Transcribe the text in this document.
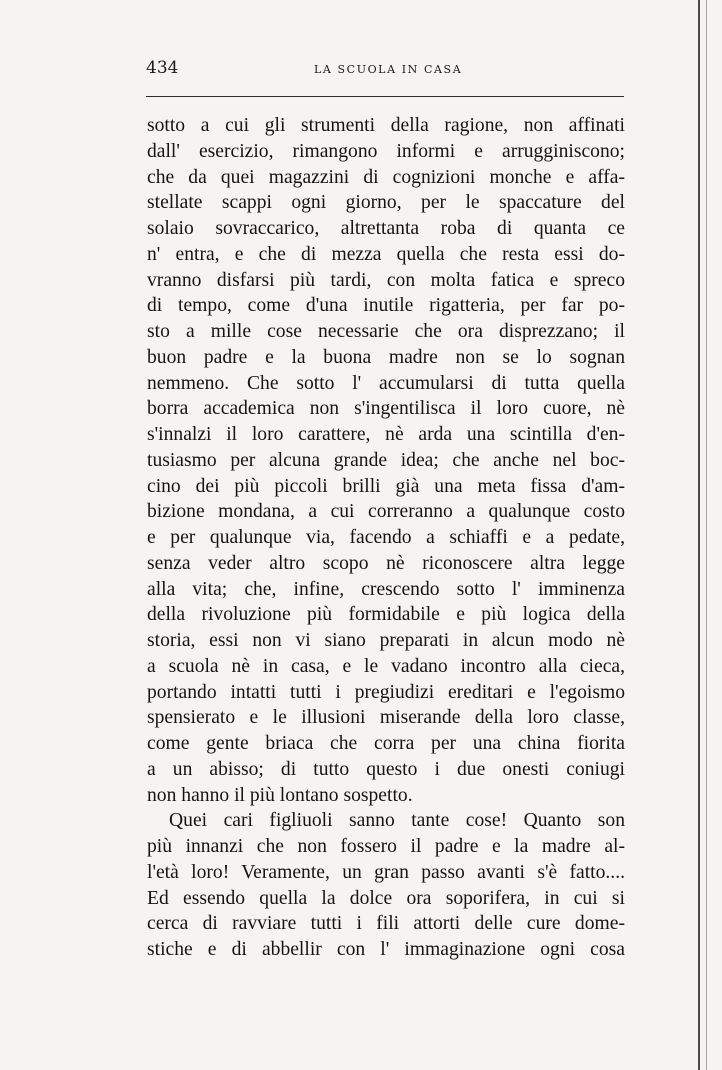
434	LA SCUOLA IN CASA
sotto a cui gli strumenti della ragione, non affinati
dall' esercizio, rimangono informi e arrugginiscono;
che da quei magazzini di cognizioni monche e affa-
stellate scappi ogni giorno, per le spaccature del
solaio sovraccarico, altrettanta roba di quanta ce
n' entra, e che di mezza quella che resta essi do-
vranno disfarsi più tardi, con molta fatica e spreco
di tempo, come d'una inutile rigatteria, per far po-
sto a mille cose necessarie che ora disprezzano; il
buon padre e la buona madre non se lo sognan
nemmeno. Che sotto l' accumularsi di tutta quella
borra accademica non s'ingentilisca il loro cuore, nè
s'innalzi il loro carattere, nè arda una scintilla d'en-
tusiasmo per alcuna grande idea; che anche nel boc-
cino dei più piccoli brilli già una meta fissa d'am-
bizione mondana, a cui correranno a qualunque costo
e per qualunque via, facendo a schiaffi e a pedate,
senza veder altro scopo nè riconoscere altra legge
alla vita; che, infine, crescendo sotto l' imminenza
della rivoluzione più formidabile e più logica della
storia, essi non vi siano preparati in alcun modo nè
a scuola nè in casa, e le vadano incontro alla cieca,
portando intatti tutti i pregiudizi ereditari e l'egoismo
spensierato e le illusioni miserande della loro classe,
come gente briaca che corra per una china fiorita
a un abisso; di tutto questo i due onesti coniugi
non hanno il più lontano sospetto.
Quei cari figliuoli sanno tante cose! Quanto son
più innanzi che non fossero il padre e la madre al-
l'età loro! Veramente, un gran passo avanti s'è fatto....
Ed essendo quella la dolce ora soporifera, in cui si
cerca di ravviare tutti i fili attorti delle cure dome-
stiche e di abbellir con l' immaginazione ogni cosa
